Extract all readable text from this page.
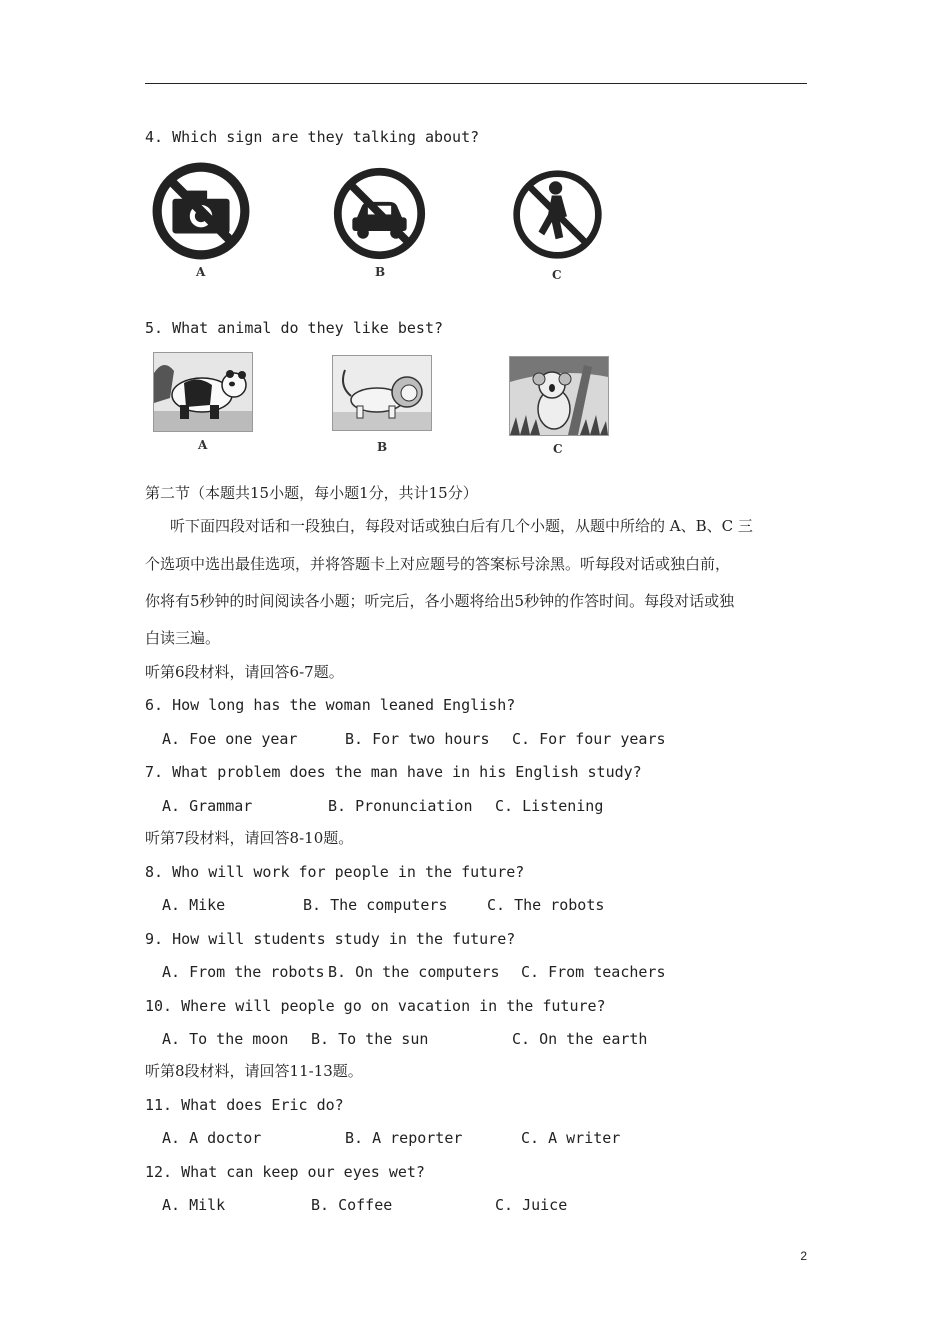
4. Which sign are they talking about?
A	B	C
5. What animal do they like best?
A	B	C
第二节（本题共15小题，每小题1分，共计15分）
听下面四段对话和一段独白，每段对话或独白后有几个小题，从题中所给的 A、B、C 三
个选项中选出最佳选项，并将答题卡上对应题号的答案标号涂黑。听每段对话或独白前，
你将有5秒钟的时间阅读各小题；听完后，各小题将给出5秒钟的作答时间。每段对话或独
白读三遍。
听第6段材料，请回答6-7题。
6. How long has the woman leaned English?
A. Foe one year	B. For two hours C. For four years
7. What problem does the man have in his English study?
A. Grammar	B. Pronunciation C. Listening
听第7段材料，请回答8-10题。
8. Who will work for people in the future?
A. Mike	B. The computers	C. The robots
9. How will students study in the future?
A. From the robots B. On the computers C. From teachers
10. Where will people go on vacation in the future?
A. To the moon B. To the sun	C. On the earth
听第8段材料，请回答11-13题。
11. What does Eric do?
A. A doctor	B. A reporter	C. A writer
12. What can keep our eyes wet?
A. Milk	B. Coffee	C. Juice
2
